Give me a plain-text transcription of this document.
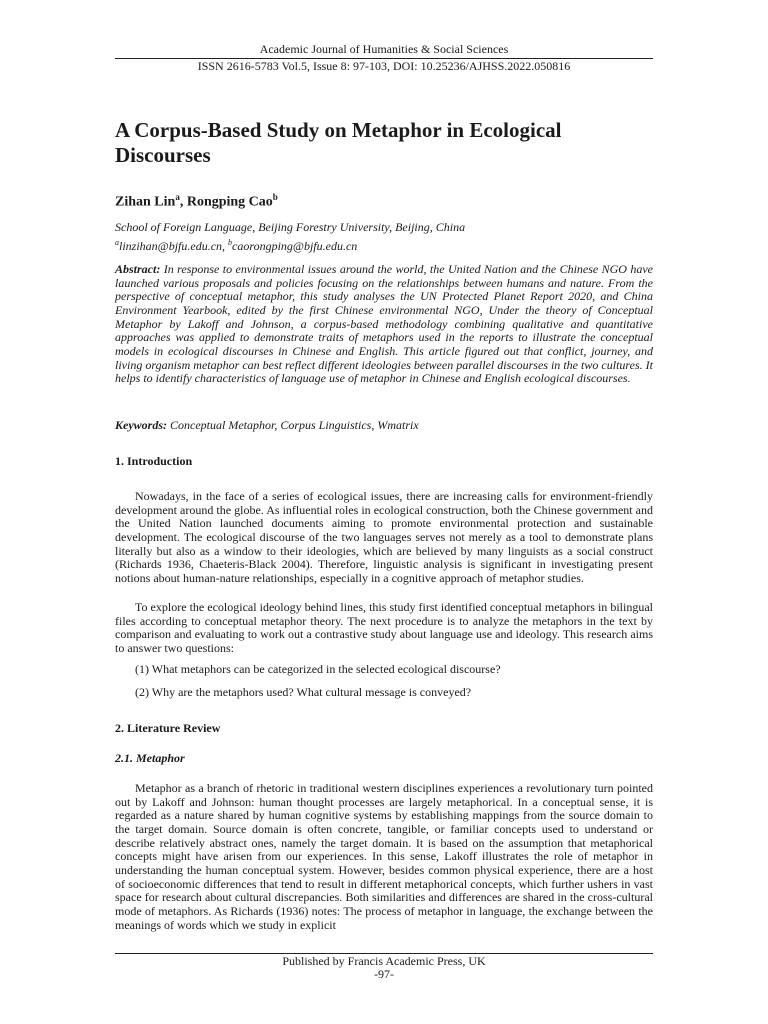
Academic Journal of Humanities & Social Sciences
ISSN 2616-5783 Vol.5, Issue 8: 97-103, DOI: 10.25236/AJHSS.2022.050816
A Corpus-Based Study on Metaphor in Ecological Discourses
Zihan Lin$^a$, Rongping Cao$^b$
School of Foreign Language, Beijing Forestry University, Beijing, China
$^a$linzihan@bjfu.edu.cn, $^b$caorongping@bjfu.edu.cn

Abstract: In response to environmental issues around the world, the United Nation and the Chinese NGO have launched various proposals and policies focusing on the relationships between humans and nature. From the perspective of conceptual metaphor, this study analyses the UN Protected Planet Report 2020, and China Environment Yearbook, edited by the first Chinese environmental NGO, Under the theory of Conceptual Metaphor by Lakoff and Johnson, a corpus-based methodology combining qualitative and quantitative approaches was applied to demonstrate traits of metaphors used in the reports to illustrate the conceptual models in ecological discourses in Chinese and English. This article figured out that conflict, journey, and living organism metaphor can best reflect different ideologies between parallel discourses in the two cultures. It helps to identify characteristics of language use of metaphor in Chinese and English ecological discourses.

Keywords: Conceptual Metaphor, Corpus Linguistics, Wmatrix

1. Introduction

Nowadays, in the face of a series of ecological issues, there are increasing calls for environment-friendly development around the globe. As influential roles in ecological construction, both the Chinese government and the United Nation launched documents aiming to promote environmental protection and sustainable development. The ecological discourse of the two languages serves not merely as a tool to demonstrate plans literally but also as a window to their ideologies, which are believed by many linguists as a social construct (Richards 1936, Chaeteris-Black 2004). Therefore, linguistic analysis is significant in investigating present notions about human-nature relationships, especially in a cognitive approach of metaphor studies.

To explore the ecological ideology behind lines, this study first identified conceptual metaphors in bilingual files according to conceptual metaphor theory. The next procedure is to analyze the metaphors in the text by comparison and evaluating to work out a contrastive study about language use and ideology. This research aims to answer two questions:

(1) What metaphors can be categorized in the selected ecological discourse?

(2) Why are the metaphors used? What cultural message is conveyed?

2. Literature Review
2.1. Metaphor

Metaphor as a branch of rhetoric in traditional western disciplines experiences a revolutionary turn pointed out by Lakoff and Johnson: human thought processes are largely metaphorical. In a conceptual sense, it is regarded as a nature shared by human cognitive systems by establishing mappings from the source domain to the target domain. Source domain is often concrete, tangible, or familiar concepts used to understand or describe relatively abstract ones, namely the target domain. It is based on the assumption that metaphorical concepts might have arisen from our experiences. In this sense, Lakoff illustrates the role of metaphor in understanding the human conceptual system. However, besides common physical experience, there are a host of socioeconomic differences that tend to result in different metaphorical concepts, which further ushers in vast space for research about cultural discrepancies. Both similarities and differences are shared in the cross-cultural mode of metaphors. As Richards (1936) notes: The process of metaphor in language, the exchange between the meanings of words which we study in explicit

Published by Francis Academic Press, UK
-97-
